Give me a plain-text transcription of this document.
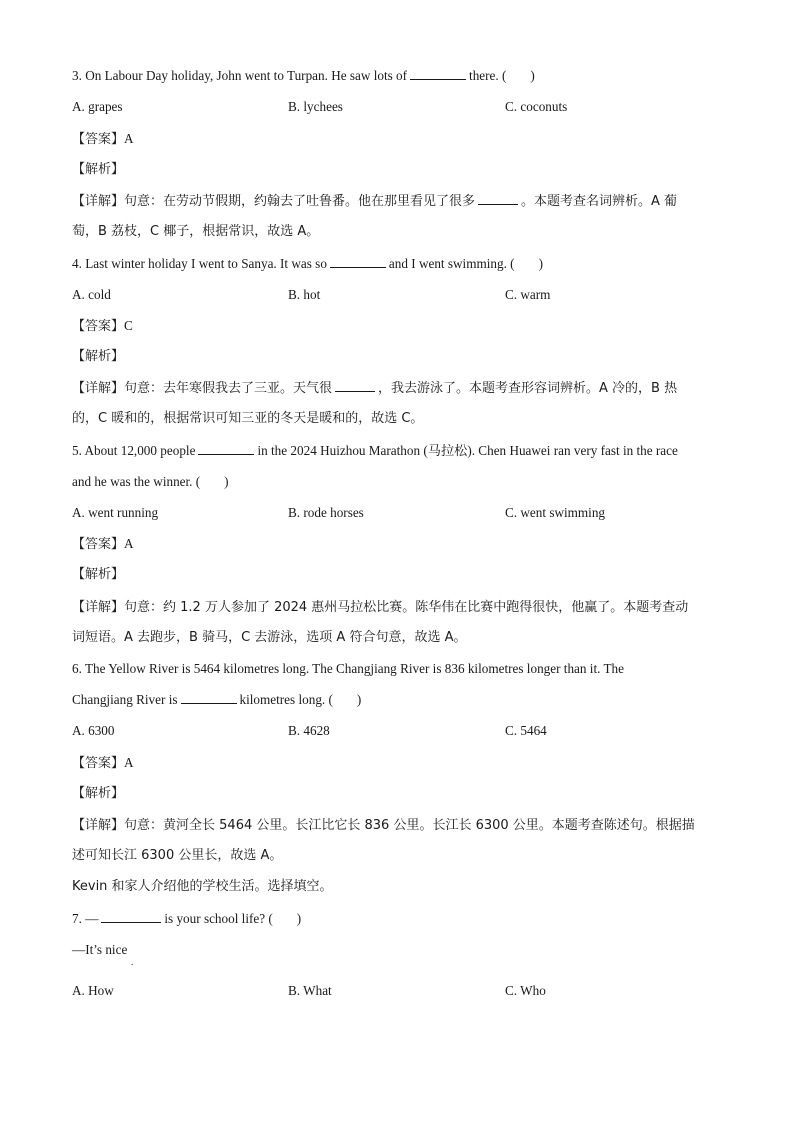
3. On Labour Day holiday, John went to Turpan. He saw lots of	there. ( )
A. grapes	B. lychees	C. coconuts
【答案】A
【解析】
【详解】句意：在劳动节假期，约翰去了吐鲁番。他在那里看见了很多	。本题考查名词辨析。A 葡
萄，B 荔枝，C 椰子，根据常识，故选 A。
4. Last winter holiday I went to Sanya. It was so	and I went swimming. ( )
A. cold	B. hot	C. warm
【答案】C
【解析】
【详解】句意：去年寒假我去了三亚。天气很	，我去游泳了。本题考查形容词辨析。A 冷的，B 热
的，C 暖和的，根据常识可知三亚的冬天是暖和的，故选 C。
5. About 12,000 people	in the 2024 Huizhou Marathon (马拉松). Chen Huawei ran very fast in the race
and he was the winner. ( )
A. went running	B. rode horses	C. went swimming
【答案】A
【解析】
【详解】句意：约 1.2 万人参加了 2024 惠州马拉松比赛。陈华伟在比赛中跑得很快，他赢了。本题考查动
词短语。A 去跑步，B 骑马，C 去游泳，选项 A 符合句意，故选 A。
6. The Yellow River is 5464 kilometres long. The Changjiang River is 836 kilometres longer than it. The
Changjiang River is	kilometres long. ( )
A. 6300	B. 4628	C. 5464
【答案】A
【解析】
【详解】句意：黄河全长 5464 公里。长江比它长 836 公里。长江长 6300 公里。本题考查陈述句。根据描
述可知长江 6300 公里长，故选 A。
Kevin 和家人介绍他的学校生活。选择填空。
7. —	is your school life? ( )
—It’s nice
.
A. How	B. What	C. Who
